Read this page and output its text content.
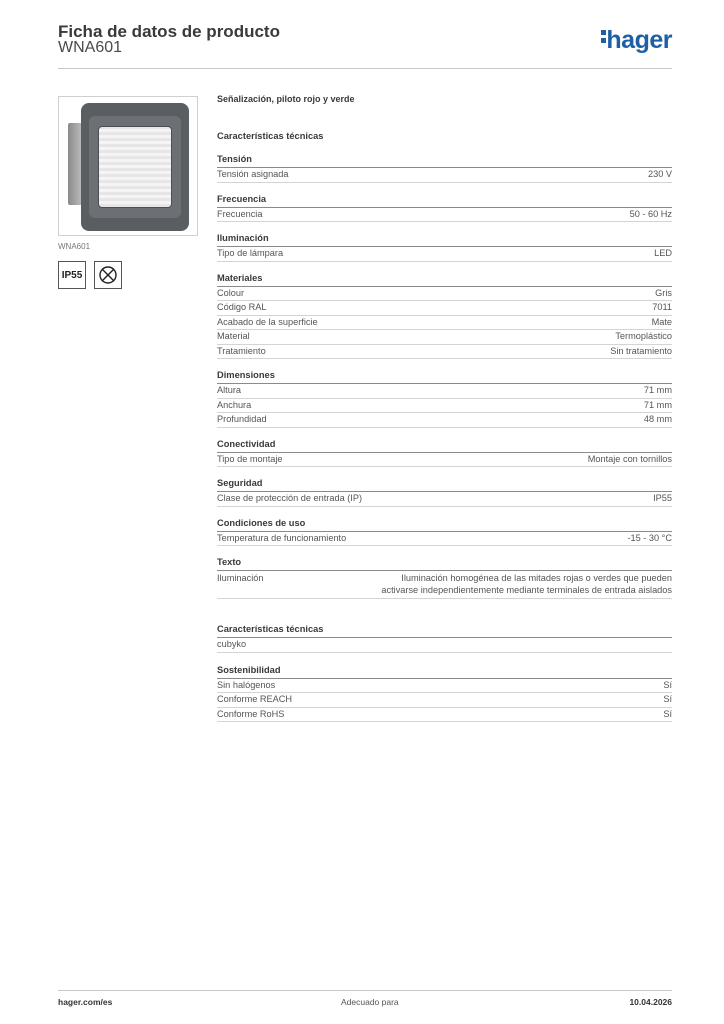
Ficha de datos de producto
WNA601	hager
WNA601
IP55
Señalización, piloto rojo y verde
Características técnicas
Tensión
Tensión asignada	230 V
Frecuencia
Frecuencia	50 - 60 Hz
Iluminación
Tipo de lámpara	LED
Materiales
Colour	Gris
Código RAL	7011
Acabado de la superficie	Mate
Material	Termoplástico
Tratamiento	Sin tratamiento
Dimensiones
Altura	71 mm
Anchura	71 mm
Profundidad	48 mm
Conectividad
Tipo de montaje	Montaje con tornillos
Seguridad
Clase de protección de entrada (IP)	IP55
Condiciones de uso
Temperatura de funcionamiento	-15 - 30 °C
Texto
Iluminación	Iluminación homogénea de las mitades rojas o verdes que pueden activarse independientemente mediante terminales de entrada aislados
Características técnicas
cubyko
Sostenibilidad
Sin halógenos	Sí
Conforme REACH	Sí
Conforme RoHS	Sí
hager.com/es	Adecuado para	10.04.2026
